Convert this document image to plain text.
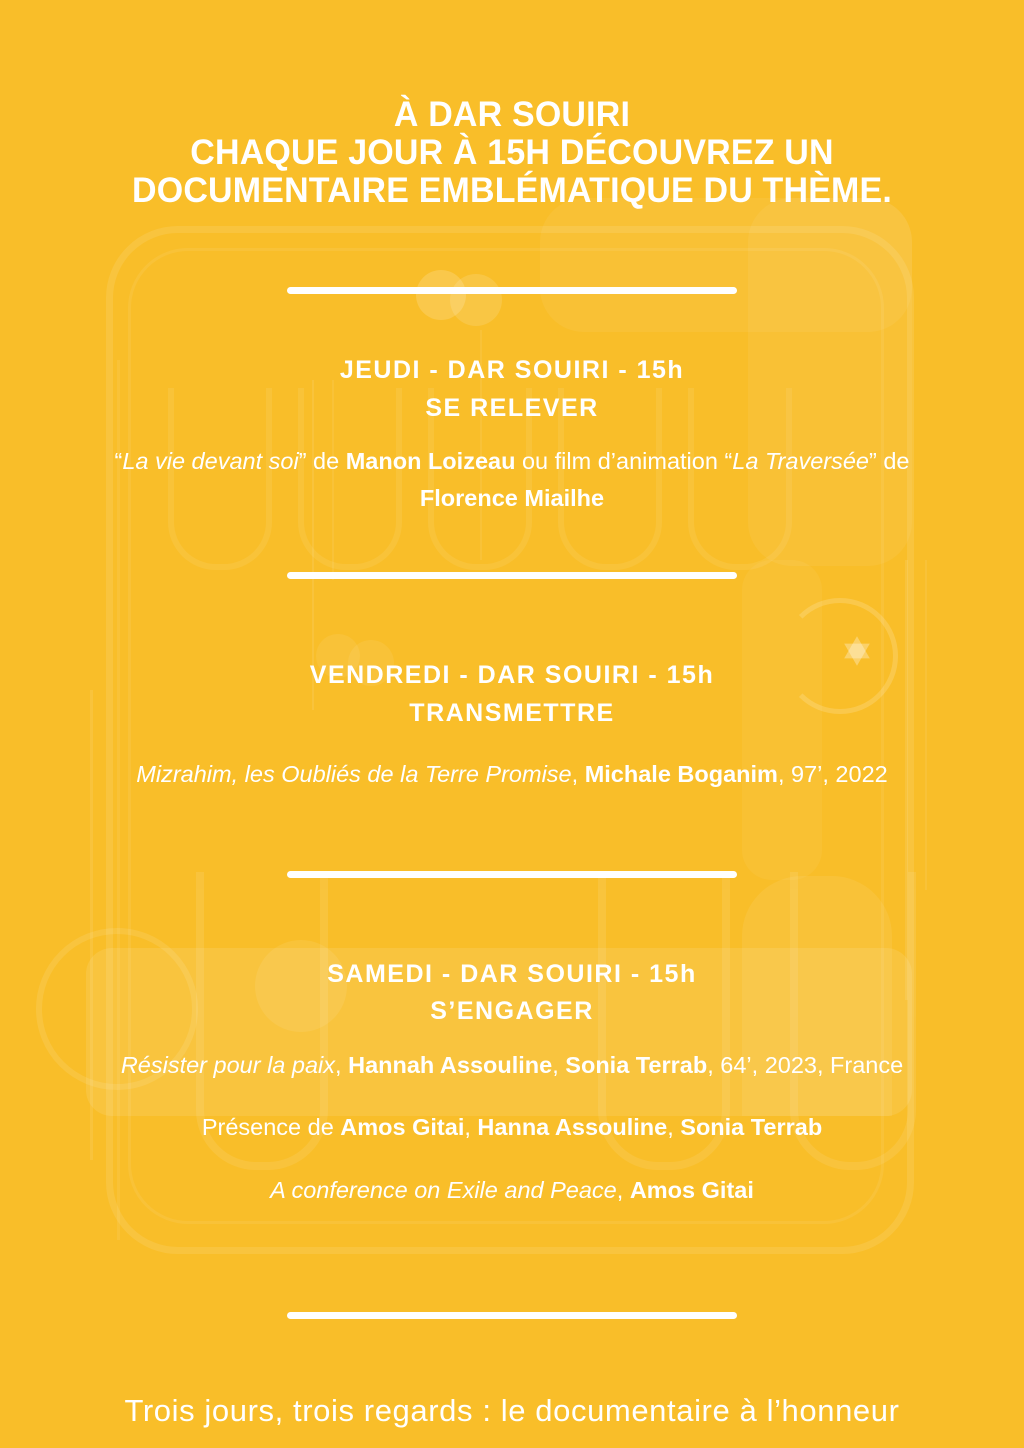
À DAR SOUIRI
CHAQUE JOUR À 15H DÉCOUVREZ UN
DOCUMENTAIRE EMBLÉMATIQUE DU THÈME.
JEUDI - DAR SOUIRI - 15h
SE RELEVER

“La vie devant soi” de Manon Loizeau ou film d’animation “La Traversée” de Florence Miailhe

VENDREDI - DAR SOUIRI - 15h
TRANSMETTRE

Mizrahim, les Oubliés de la Terre Promise, Michale Boganim, 97’, 2022

SAMEDI - DAR SOUIRI - 15h
S’ENGAGER

Résister pour la paix, Hannah Assouline, Sonia Terrab, 64’, 2023, France

Présence de Amos Gitai, Hanna Assouline, Sonia Terrab

A conference on Exile and Peace, Amos Gitai

Trois jours, trois regards : le documentaire à l’honneur
